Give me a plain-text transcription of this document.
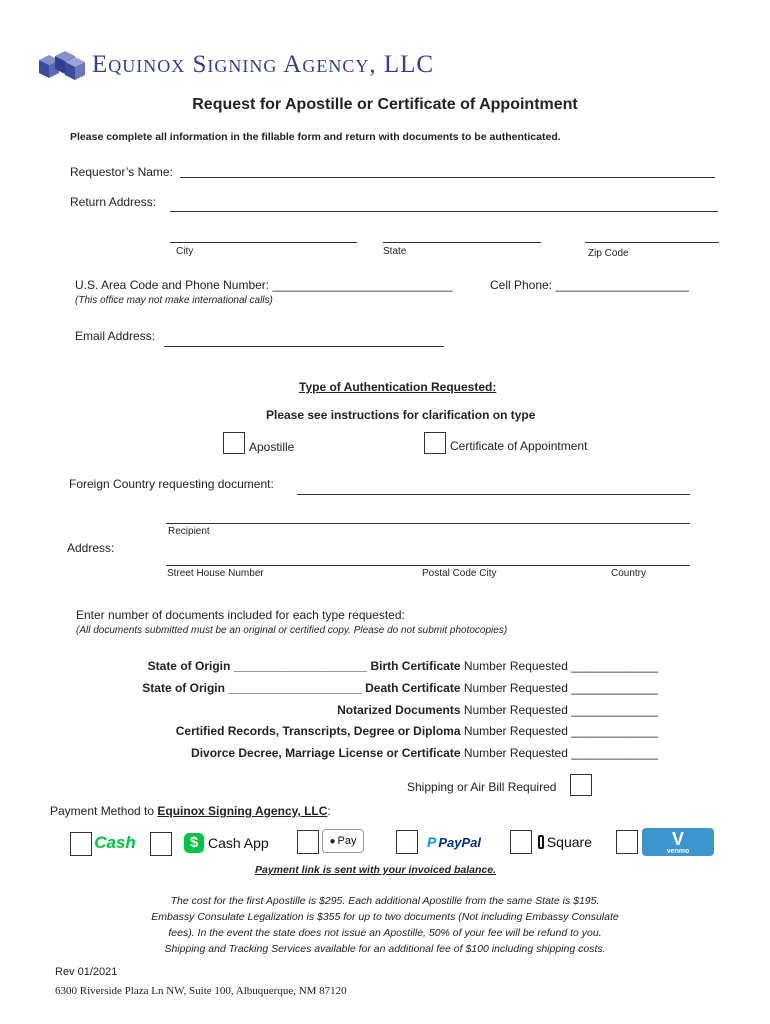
Equinox Signing Agency, LLC
Request for Apostille or Certificate of Appointment
Please complete all information in the fillable form and return with documents to be authenticated.
Requestor’s Name:
Return Address:
City	State	Zip Code
U.S. Area Code and Phone Number: ___________________________
(This office may not make international calls)
Cell Phone: ____________________
Email Address:
Type of Authentication Requested:
Please see instructions for clarification on type
Apostille	Certificate of Appointment
Foreign Country requesting document:
Recipient
Address:
Street House Number	Postal Code City	Country
Enter number of documents included for each type requested:
(All documents submitted must be an original or certified copy. Please do not submit photocopies)
State of Origin ____________________ Birth Certificate Number Requested _____________
State of Origin ____________________ Death Certificate Number Requested _____________
Notarized Documents Number Requested _____________
Certified Records, Transcripts, Degree or Diploma Number Requested _____________
Divorce Decree, Marriage License or Certificate Number Requested _____________
Shipping or Air Bill Required
Payment Method to Equinox Signing Agency, LLC:
Cash	$ Cash App	● Pay	P PayPal	Square	V
venmo
Payment link is sent with your invoiced balance.
The cost for the first Apostille is $295. Each additional Apostille from the same State is $195.
Embassy Consulate Legalization is $355 for up to two documents (Not including Embassy Consulate
fees). In the event the state does not issue an Apostille, 50% of your fee will be refund to you.
Shipping and Tracking Services available for an additional fee of $100 including shipping costs.
Rev 01/2021
6300 Riverside Plaza Ln NW, Suite 100, Albuquerque, NM 87120
